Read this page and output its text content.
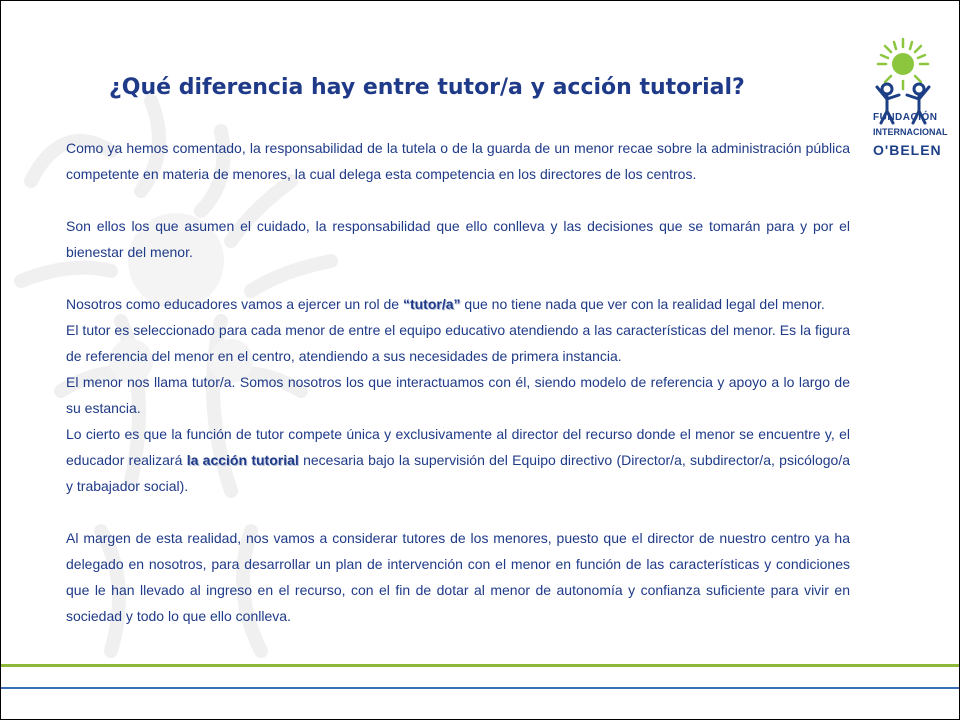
FUNDACIÓN
INTERNACIONAL
O'BELEN
¿Qué diferencia hay entre tutor/a y acción tutorial?

Como ya hemos comentado, la responsabilidad de la tutela o de la guarda de un menor recae sobre la administración pública competente en materia de menores, la cual delega esta competencia en los directores de los centros.

Son ellos los que asumen el cuidado, la responsabilidad que ello conlleva y las decisiones que se tomarán para y por el bienestar del menor.

Nosotros como educadores vamos a ejercer un rol de “tutor/a” que no tiene nada que ver con la realidad legal del menor.

El tutor es seleccionado para cada menor de entre el equipo educativo atendiendo a las características del menor. Es la figura de referencia del menor en el centro, atendiendo a sus necesidades de primera instancia.

El menor nos llama tutor/a. Somos nosotros los que interactuamos con él, siendo modelo de referencia y apoyo a lo largo de su estancia.

Lo cierto es que la función de tutor compete única y exclusivamente al director del recurso donde el menor se encuentre y, el educador realizará la acción tutorial necesaria bajo la supervisión del Equipo directivo (Director/a, subdirector/a, psicólogo/a y trabajador social).

Al margen de esta realidad, nos vamos a considerar tutores de los menores, puesto que el director de nuestro centro ya ha delegado en nosotros, para desarrollar un plan de intervención con el menor en función de las características y condiciones que le han llevado al ingreso en el recurso, con el fin de dotar al menor de autonomía y confianza suficiente para vivir en sociedad y todo lo que ello conlleva.
